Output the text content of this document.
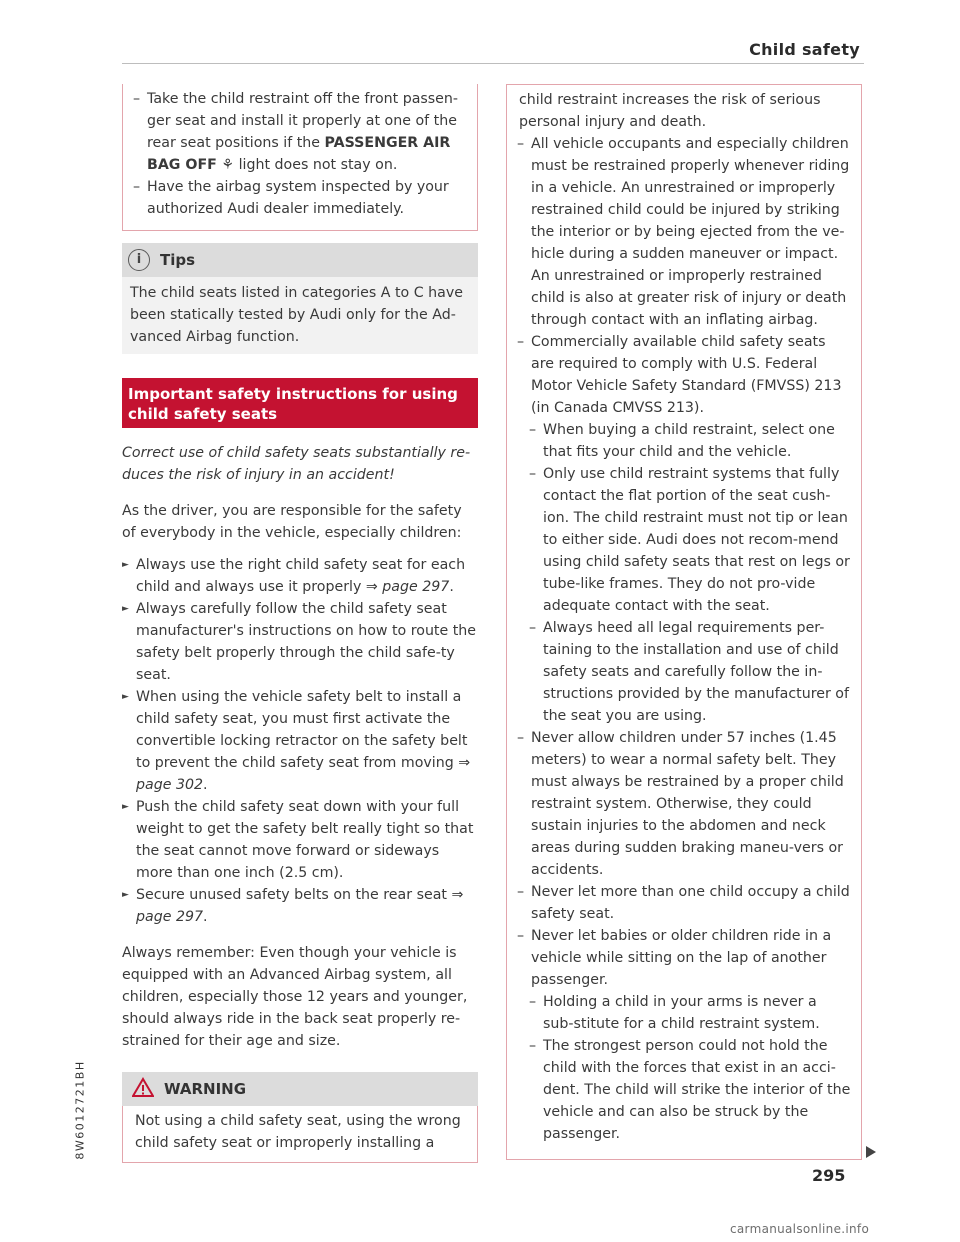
Child safety
8W6012721BH
– Take the child restraint off the front passen-ger seat and install it properly at one of the rear seat positions if the PASSENGER AIR BAG OFF ⚘ light does not stay on.
– Have the airbag system inspected by your authorized Audi dealer immediately.
i	Tips
The child seats listed in categories A to C have been statically tested by Audi only for the Ad-vanced Airbag function.
Important safety instructions for using child safety seats
Correct use of child safety seats substantially re-duces the risk of injury in an accident!
As the driver, you are responsible for the safety of everybody in the vehicle, especially children:
► Always use the right child safety seat for each child and always use it properly ⇒ page 297.
► Always carefully follow the child safety seat manufacturer's instructions on how to route the safety belt properly through the child safe-ty seat.
► When using the vehicle safety belt to install a child safety seat, you must first activate the convertible locking retractor on the safety belt to prevent the child safety seat from moving ⇒ page 302.
► Push the child safety seat down with your full weight to get the safety belt really tight so that the seat cannot move forward or sideways more than one inch (2.5 cm).
► Secure unused safety belts on the rear seat ⇒ page 297.
Always remember: Even though your vehicle is equipped with an Advanced Airbag system, all children, especially those 12 years and younger, should always ride in the back seat properly re-strained for their age and size.
WARNING
Not using a child safety seat, using the wrong child safety seat or improperly installing a
child restraint increases the risk of serious personal injury and death.
– All vehicle occupants and especially children must be restrained properly whenever riding in a vehicle. An unrestrained or improperly restrained child could be injured by striking the interior or by being ejected from the ve-hicle during a sudden maneuver or impact. An unrestrained or improperly restrained child is also at greater risk of injury or death through contact with an inflating airbag.
– Commercially available child safety seats are required to comply with U.S. Federal Motor Vehicle Safety Standard (FMVSS) 213 (in Canada CMVSS 213).
– When buying a child restraint, select one that fits your child and the vehicle.
– Only use child restraint systems that fully contact the flat portion of the seat cush-ion. The child restraint must not tip or lean to either side. Audi does not recom-mend using child safety seats that rest on legs or tube-like frames. They do not pro-vide adequate contact with the seat.
– Always heed all legal requirements per-taining to the installation and use of child safety seats and carefully follow the in-structions provided by the manufacturer of the seat you are using.
– Never allow children under 57 inches (1.45 meters) to wear a normal safety belt. They must always be restrained by a proper child restraint system. Otherwise, they could sustain injuries to the abdomen and neck areas during sudden braking maneu-vers or accidents.
– Never let more than one child occupy a child safety seat.
– Never let babies or older children ride in a vehicle while sitting on the lap of another passenger.
– Holding a child in your arms is never a sub-stitute for a child restraint system.
– The strongest person could not hold the child with the forces that exist in an acci-dent. The child will strike the interior of the vehicle and can also be struck by the passenger.
295
carmanualsonline.info
